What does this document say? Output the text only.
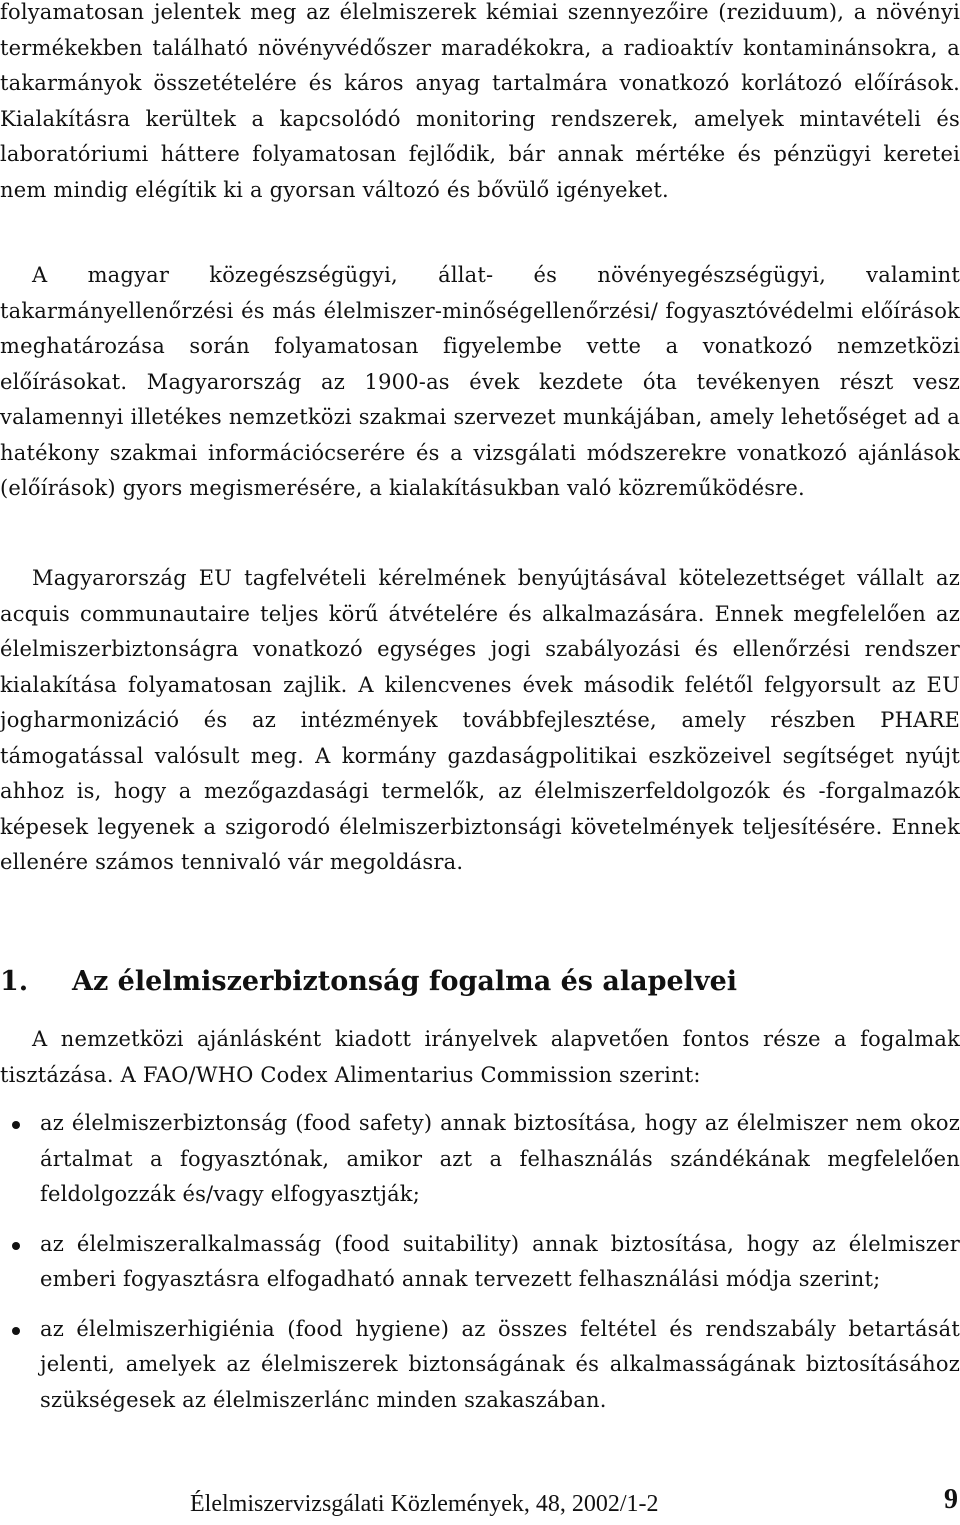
folyamatosan jelentek meg az élelmiszerek kémiai szennyezőire (reziduum), a növényi termékekben található növényvédőszer maradékokra, a radioaktív kontaminánsokra, a takarmányok összetételére és káros anyag tartalmára vonatkozó korlátozó előírások. Kialakításra kerültek a kapcsolódó monitoring rendszerek, amelyek mintavételi és laboratóriumi háttere folyamatosan fejlődik, bár annak mértéke és pénzügyi keretei nem mindig elégítik ki a gyorsan változó és bővülő igényeket.

A magyar közegészségügyi, állat- és növényegészségügyi, valamint takarmányellenőrzési és más élelmiszer-minőségellenőrzési/ fogyasztóvédelmi előírások meghatározása során folyamatosan figyelembe vette a vonatkozó nemzetközi előírásokat. Magyarország az 1900-as évek kezdete óta tevékenyen részt vesz valamennyi illetékes nemzetközi szakmai szervezet munkájában, amely lehetőséget ad a hatékony szakmai információcserére és a vizsgálati módszerekre vonatkozó ajánlások (előírások) gyors megismerésére, a kialakításukban való közreműködésre.

Magyarország EU tagfelvételi kérelmének benyújtásával kötelezettséget vállalt az acquis communautaire teljes körű átvételére és alkalmazására. Ennek megfelelően az élelmiszerbiztonságra vonatkozó egységes jogi szabályozási és ellenőrzési rendszer kialakítása folyamatosan zajlik. A kilencvenes évek második felétől felgyorsult az EU jogharmonizáció és az intézmények továbbfejlesztése, amely részben PHARE támogatással valósult meg. A kormány gazdaságpolitikai eszközeivel segítséget nyújt ahhoz is, hogy a mezőgazdasági termelők, az élelmiszerfeldolgozók és -forgalmazók képesek legyenek a szigorodó élelmiszerbiztonsági követelmények teljesítésére. Ennek ellenére számos tennivaló vár megoldásra.

1. Az élelmiszerbiztonság fogalma és alapelvei

A nemzetközi ajánlásként kiadott irányelvek alapvetően fontos része a fogalmak tisztázása. A FAO/WHO Codex Alimentarius Commission szerint:

az élelmiszerbiztonság (food safety) annak biztosítása, hogy az élelmiszer nem okoz ártalmat a fogyasztónak, amikor azt a felhasználás szándékának megfelelően feldolgozzák és/vagy elfogyasztják;
az élelmiszeralkalmasság (food suitability) annak biztosítása, hogy az élelmiszer emberi fogyasztásra elfogadható annak tervezett felhasználási módja szerint;
az élelmiszerhigiénia (food hygiene) az összes feltétel és rendszabály betartását jelenti, amelyek az élelmiszerek biztonságának és alkalmasságának biztosításához szükségesek az élelmiszerlánc minden szakaszában.
Élelmiszervizsgálati Közlemények, 48, 2002/1-2	9
